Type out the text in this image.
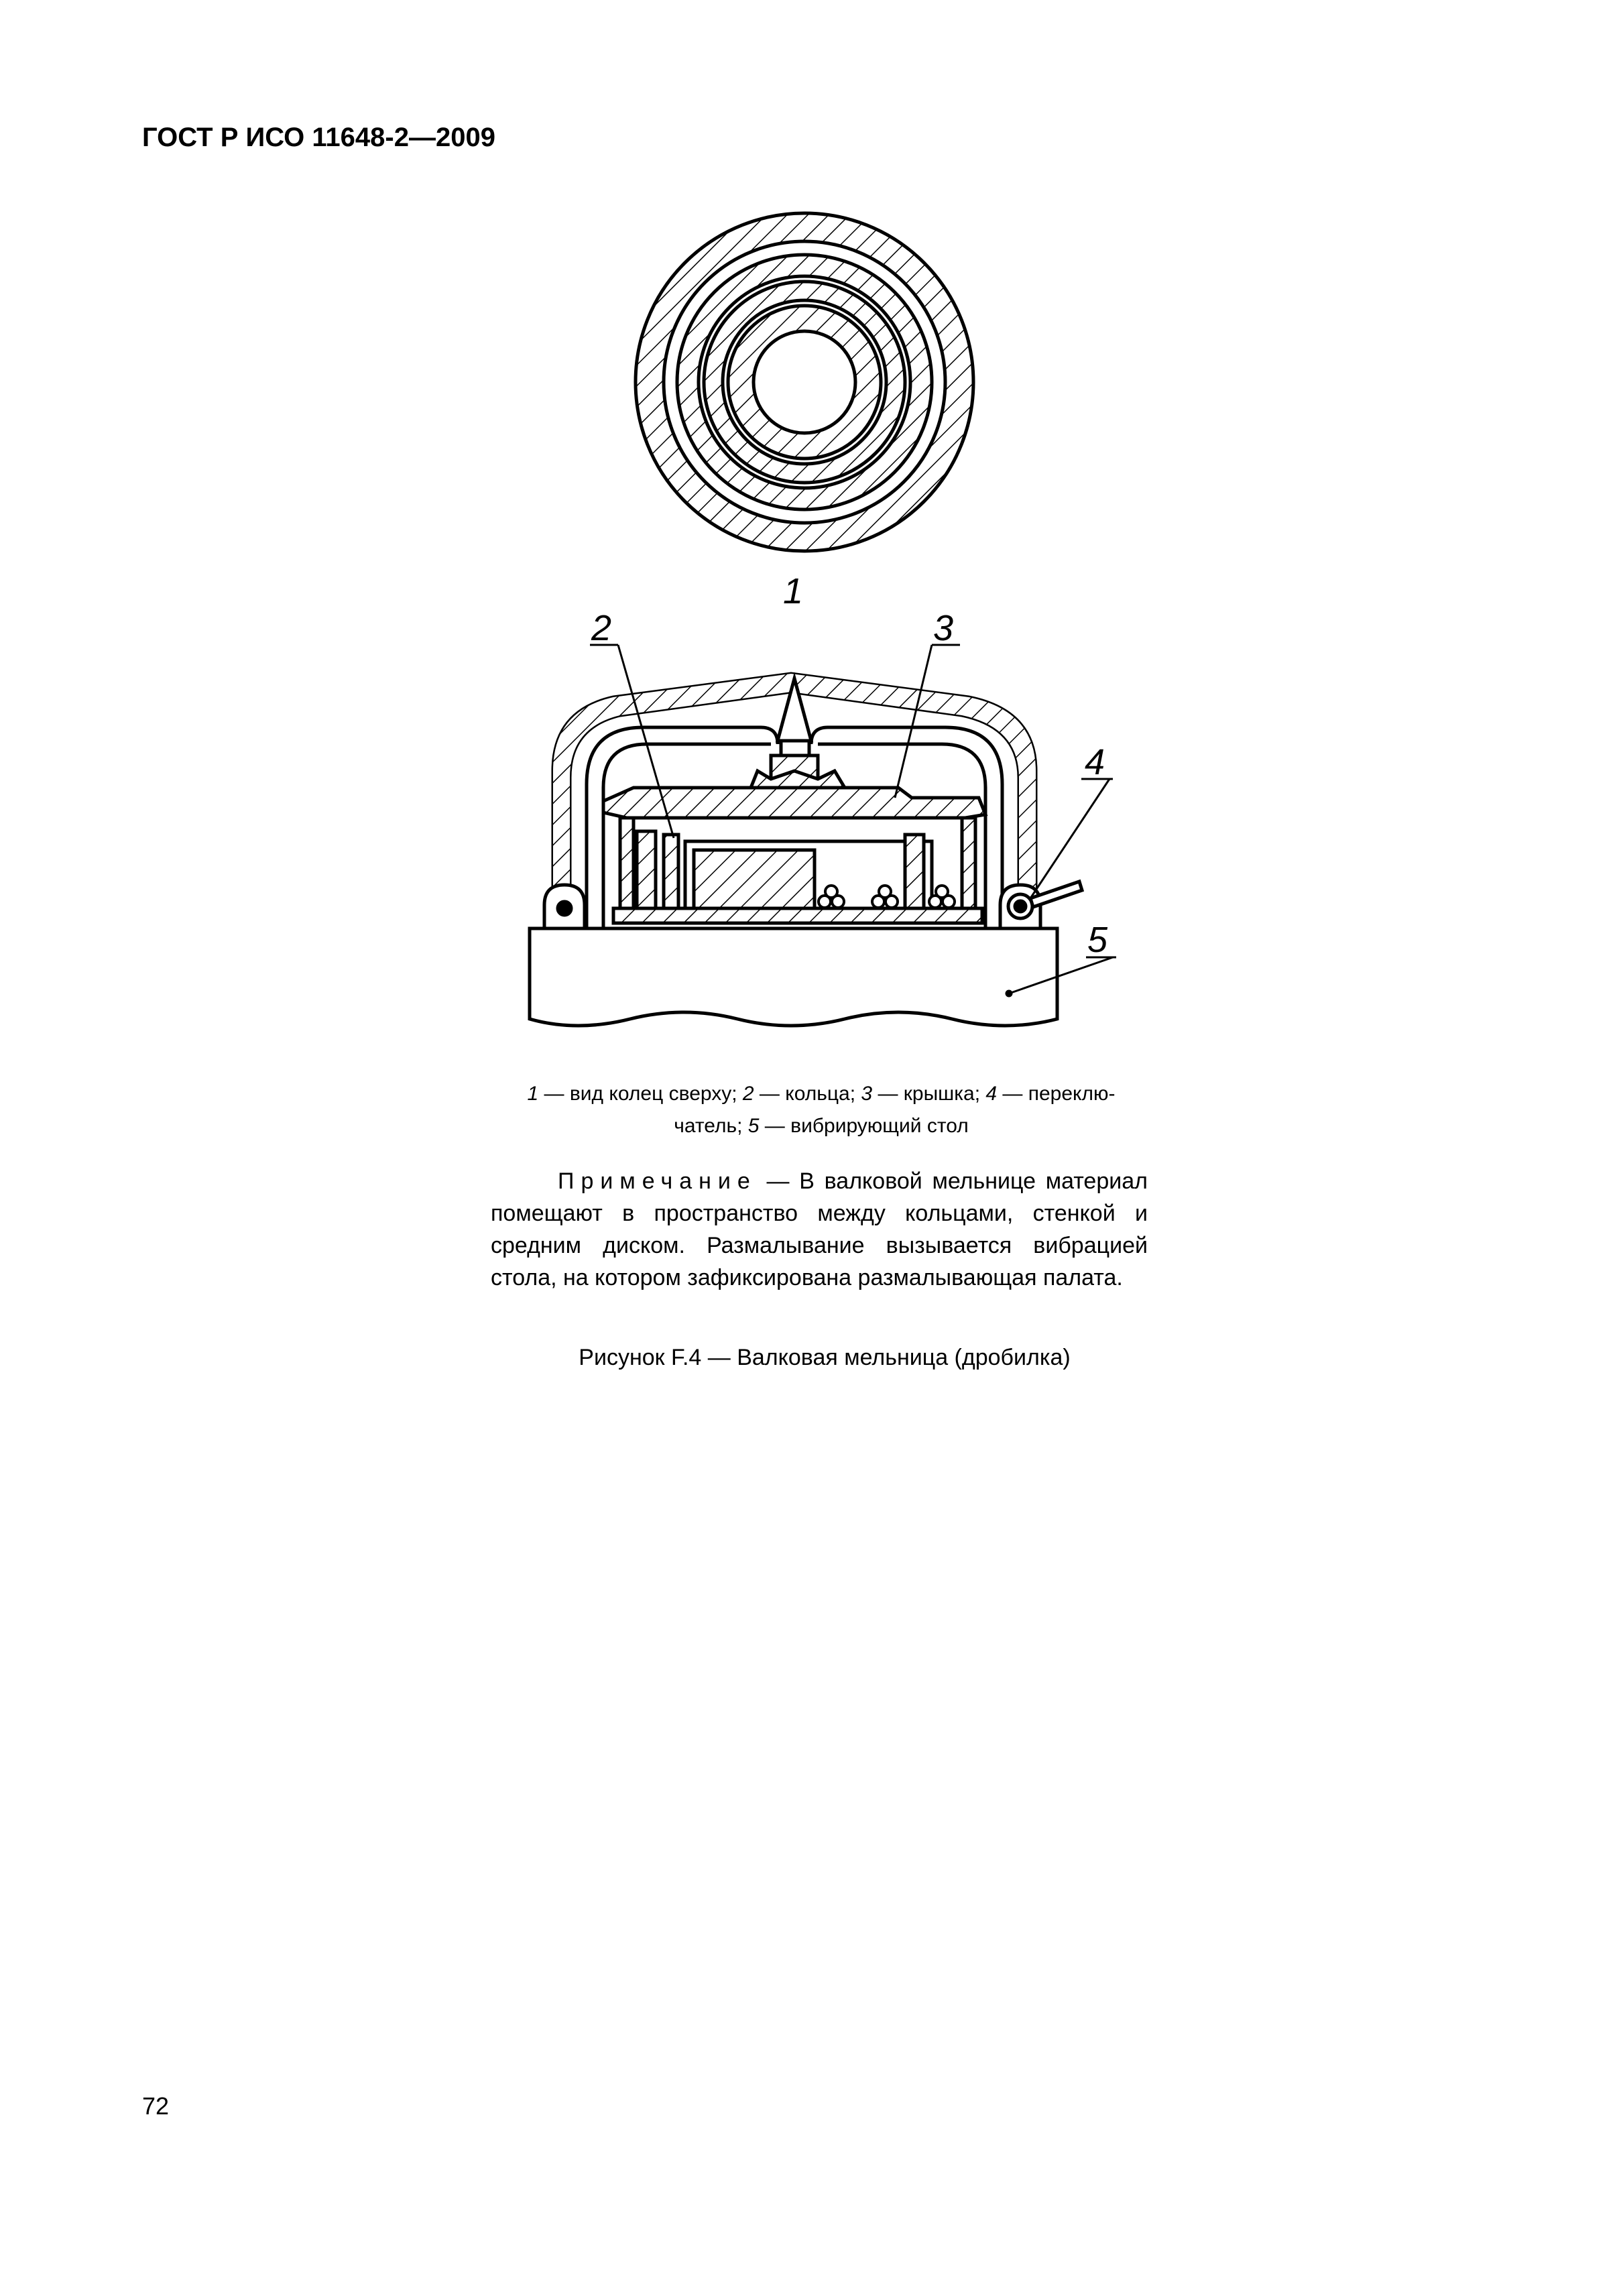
ГОСТ Р ИСО 11648-2—2009
1
2	3
4
5
1 — вид колец сверху; 2 — кольца; 3 — крышка; 4 — переклю-
чатель; 5 — вибрирующий стол
Примечание — В валковой мельнице материал помещают в пространство между кольцами, стенкой и средним диском. Размалывание вызывается вибрацией стола, на котором зафиксирована размалывающая палата.
Рисунок F.4 — Валковая мельница (дробилка)
72
